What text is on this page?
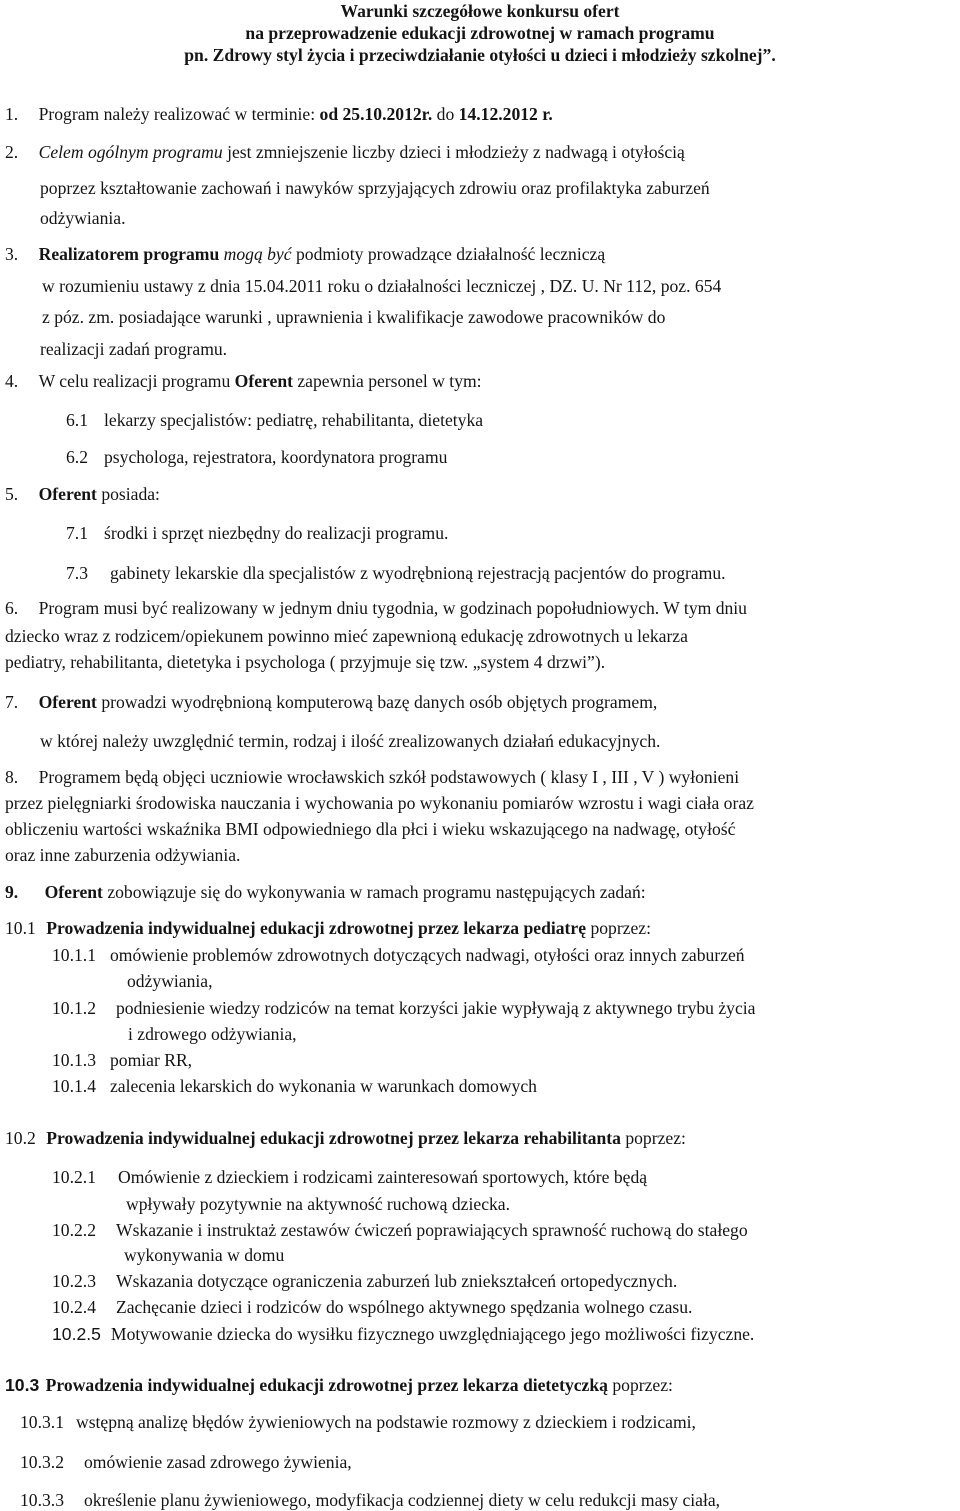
Warunki szczegółowe konkursu ofert
na przeprowadzenie edukacji zdrowotnej w ramach programu
pn. Zdrowy styl życia i przeciwdziałanie otyłości u dzieci i młodzieży szkolnej”.
1. Program należy realizować w terminie: od 25.10.2012r. do 14.12.2012 r.
2. Celem ogólnym programu jest zmniejszenie liczby dzieci i młodzieży z nadwagą i otyłością
poprzez kształtowanie zachowań i nawyków sprzyjających zdrowiu oraz profilaktyka zaburzeń
odżywiania.
3. Realizatorem programu mogą być podmioty prowadzące działalność leczniczą
w rozumieniu ustawy z dnia 15.04.2011 roku o działalności leczniczej , DZ. U. Nr 112, poz. 654
z póz. zm. posiadające warunki , uprawnienia i kwalifikacje zawodowe pracowników do
realizacji zadań programu.
4. W celu realizacji programu Oferent zapewnia personel w tym:
6.1 lekarzy specjalistów: pediatrę, rehabilitanta, dietetyka
6.2 psychologa, rejestratora, koordynatora programu
5. Oferent posiada:
7.1 środki i sprzęt niezbędny do realizacji programu.
7.3 gabinety lekarskie dla specjalistów z wyodrębnioną rejestracją pacjentów do programu.
6. Program musi być realizowany w jednym dniu tygodnia, w godzinach popołudniowych. W tym dniu
dziecko wraz z rodzicem/opiekunem powinno mieć zapewnioną edukację zdrowotnych u lekarza
pediatry, rehabilitanta, dietetyka i psychologa ( przyjmuje się tzw. „system 4 drzwi”).
7. Oferent prowadzi wyodrębnioną komputerową bazę danych osób objętych programem,
w której należy uwzględnić termin, rodzaj i ilość zrealizowanych działań edukacyjnych.
8. Programem będą objęci uczniowie wrocławskich szkół podstawowych ( klasy I , III , V ) wyłonieni
przez pielęgniarki środowiska nauczania i wychowania po wykonaniu pomiarów wzrostu i wagi ciała oraz
obliczeniu wartości wskaźnika BMI odpowiedniego dla płci i wieku wskazującego na nadwagę, otyłość
oraz inne zaburzenia odżywiania.
9. Oferent zobowiązuje się do wykonywania w ramach programu następujących zadań:
10.1 Prowadzenia indywidualnej edukacji zdrowotnej przez lekarza pediatrę poprzez:
10.1.1 omówienie problemów zdrowotnych dotyczących nadwagi, otyłości oraz innych zaburzeń
odżywiania,
10.1.2 podniesienie wiedzy rodziców na temat korzyści jakie wypływają z aktywnego trybu życia
i zdrowego odżywiania,
10.1.3 pomiar RR,
10.1.4 zalecenia lekarskich do wykonania w warunkach domowych
10.2 Prowadzenia indywidualnej edukacji zdrowotnej przez lekarza rehabilitanta poprzez:
10.2.1 Omówienie z dzieckiem i rodzicami zainteresowań sportowych, które będą
wpływały pozytywnie na aktywność ruchową dziecka.
10.2.2 Wskazanie i instruktaż zestawów ćwiczeń poprawiających sprawność ruchową do stałego
wykonywania w domu
10.2.3 Wskazania dotyczące ograniczenia zaburzeń lub zniekształceń ortopedycznych.
10.2.4 Zachęcanie dzieci i rodziców do wspólnego aktywnego spędzania wolnego czasu.
10.2.5 Motywowanie dziecka do wysiłku fizycznego uwzględniającego jego możliwości fizyczne.
10.3 Prowadzenia indywidualnej edukacji zdrowotnej przez lekarza dietetyczką poprzez:
10.3.1 wstępną analizę błędów żywieniowych na podstawie rozmowy z dzieckiem i rodzicami,
10.3.2 omówienie zasad zdrowego żywienia,
10.3.3 określenie planu żywieniowego, modyfikacja codziennej diety w celu redukcji masy ciała,
